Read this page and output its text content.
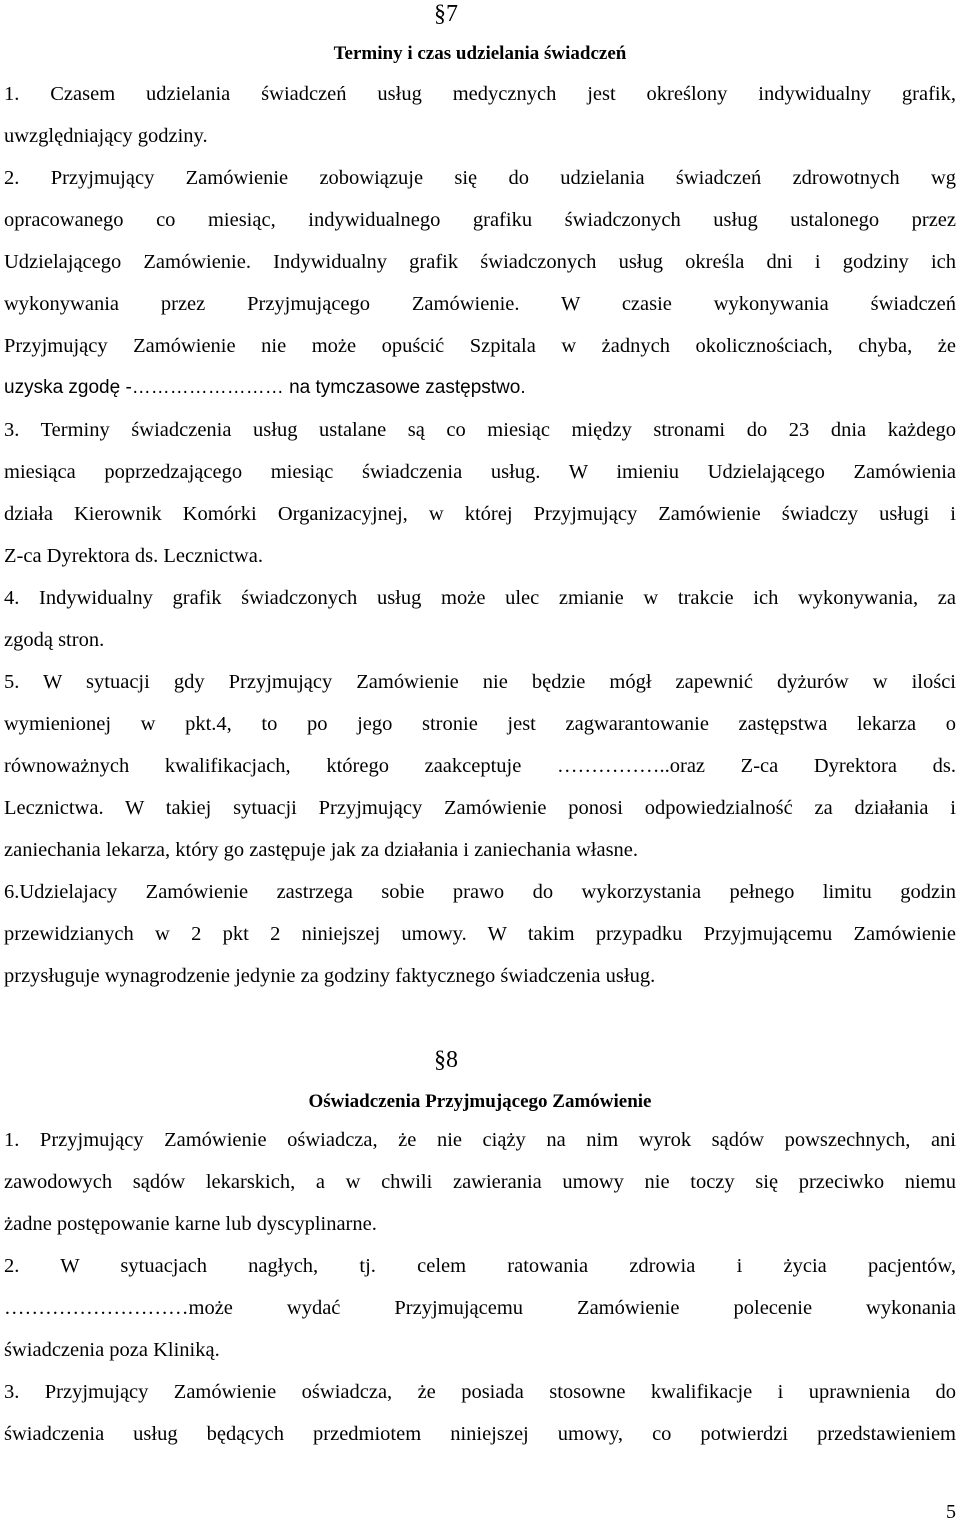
§7
Terminy i czas udzielania świadczeń
1. Czasem udzielania świadczeń usług medycznych jest określony indywidualny grafik,
uwzględniający godziny.
2. Przyjmujący Zamówienie zobowiązuje się do udzielania świadczeń zdrowotnych wg
opracowanego co miesiąc, indywidualnego grafiku świadczonych usług ustalonego przez
Udzielającego Zamówienie. Indywidualny grafik świadczonych usług określa dni i godziny ich
wykonywania przez Przyjmującego Zamówienie. W czasie wykonywania świadczeń
Przyjmujący Zamówienie nie może opuścić Szpitala w żadnych okolicznościach, chyba, że
uzyska zgodę -…………………… na tymczasowe zastępstwo.
3. Terminy świadczenia usług ustalane są co miesiąc między stronami do 23 dnia każdego
miesiąca poprzedzającego miesiąc świadczenia usług. W imieniu Udzielającego Zamówienia
działa Kierownik Komórki Organizacyjnej, w której Przyjmujący Zamówienie świadczy usługi i
Z-ca Dyrektora ds. Lecznictwa.
4. Indywidualny grafik świadczonych usług może ulec zmianie w trakcie ich wykonywania, za
zgodą stron.
5. W sytuacji gdy Przyjmujący Zamówienie nie będzie mógł zapewnić dyżurów w ilości
wymienionej w pkt.4, to po jego stronie jest zagwarantowanie zastępstwa lekarza o
równoważnych kwalifikacjach, którego zaakceptuje ……………..oraz Z-ca Dyrektora ds.
Lecznictwa. W takiej sytuacji Przyjmujący Zamówienie ponosi odpowiedzialność za działania i
zaniechania lekarza, który go zastępuje jak za działania i zaniechania własne.
6.Udzielajacy Zamówienie zastrzega sobie prawo do wykorzystania pełnego limitu godzin
przewidzianych w 2 pkt 2 niniejszej umowy. W takim przypadku Przyjmującemu Zamówienie
przysługuje wynagrodzenie jedynie za godziny faktycznego świadczenia usług.
§8
Oświadczenia Przyjmującego Zamówienie
1. Przyjmujący Zamówienie oświadcza, że nie ciąży na nim wyrok sądów powszechnych, ani
zawodowych sądów lekarskich, a w chwili zawierania umowy nie toczy się przeciwko niemu
żadne postępowanie karne lub dyscyplinarne.
2. W sytuacjach nagłych, tj. celem ratowania zdrowia i życia pacjentów,
………………………może wydać Przyjmującemu Zamówienie polecenie wykonania
świadczenia poza Kliniką.
3. Przyjmujący Zamówienie oświadcza, że posiada stosowne kwalifikacje i uprawnienia do
świadczenia usług będących przedmiotem niniejszej umowy, co potwierdzi przedstawieniem
5
